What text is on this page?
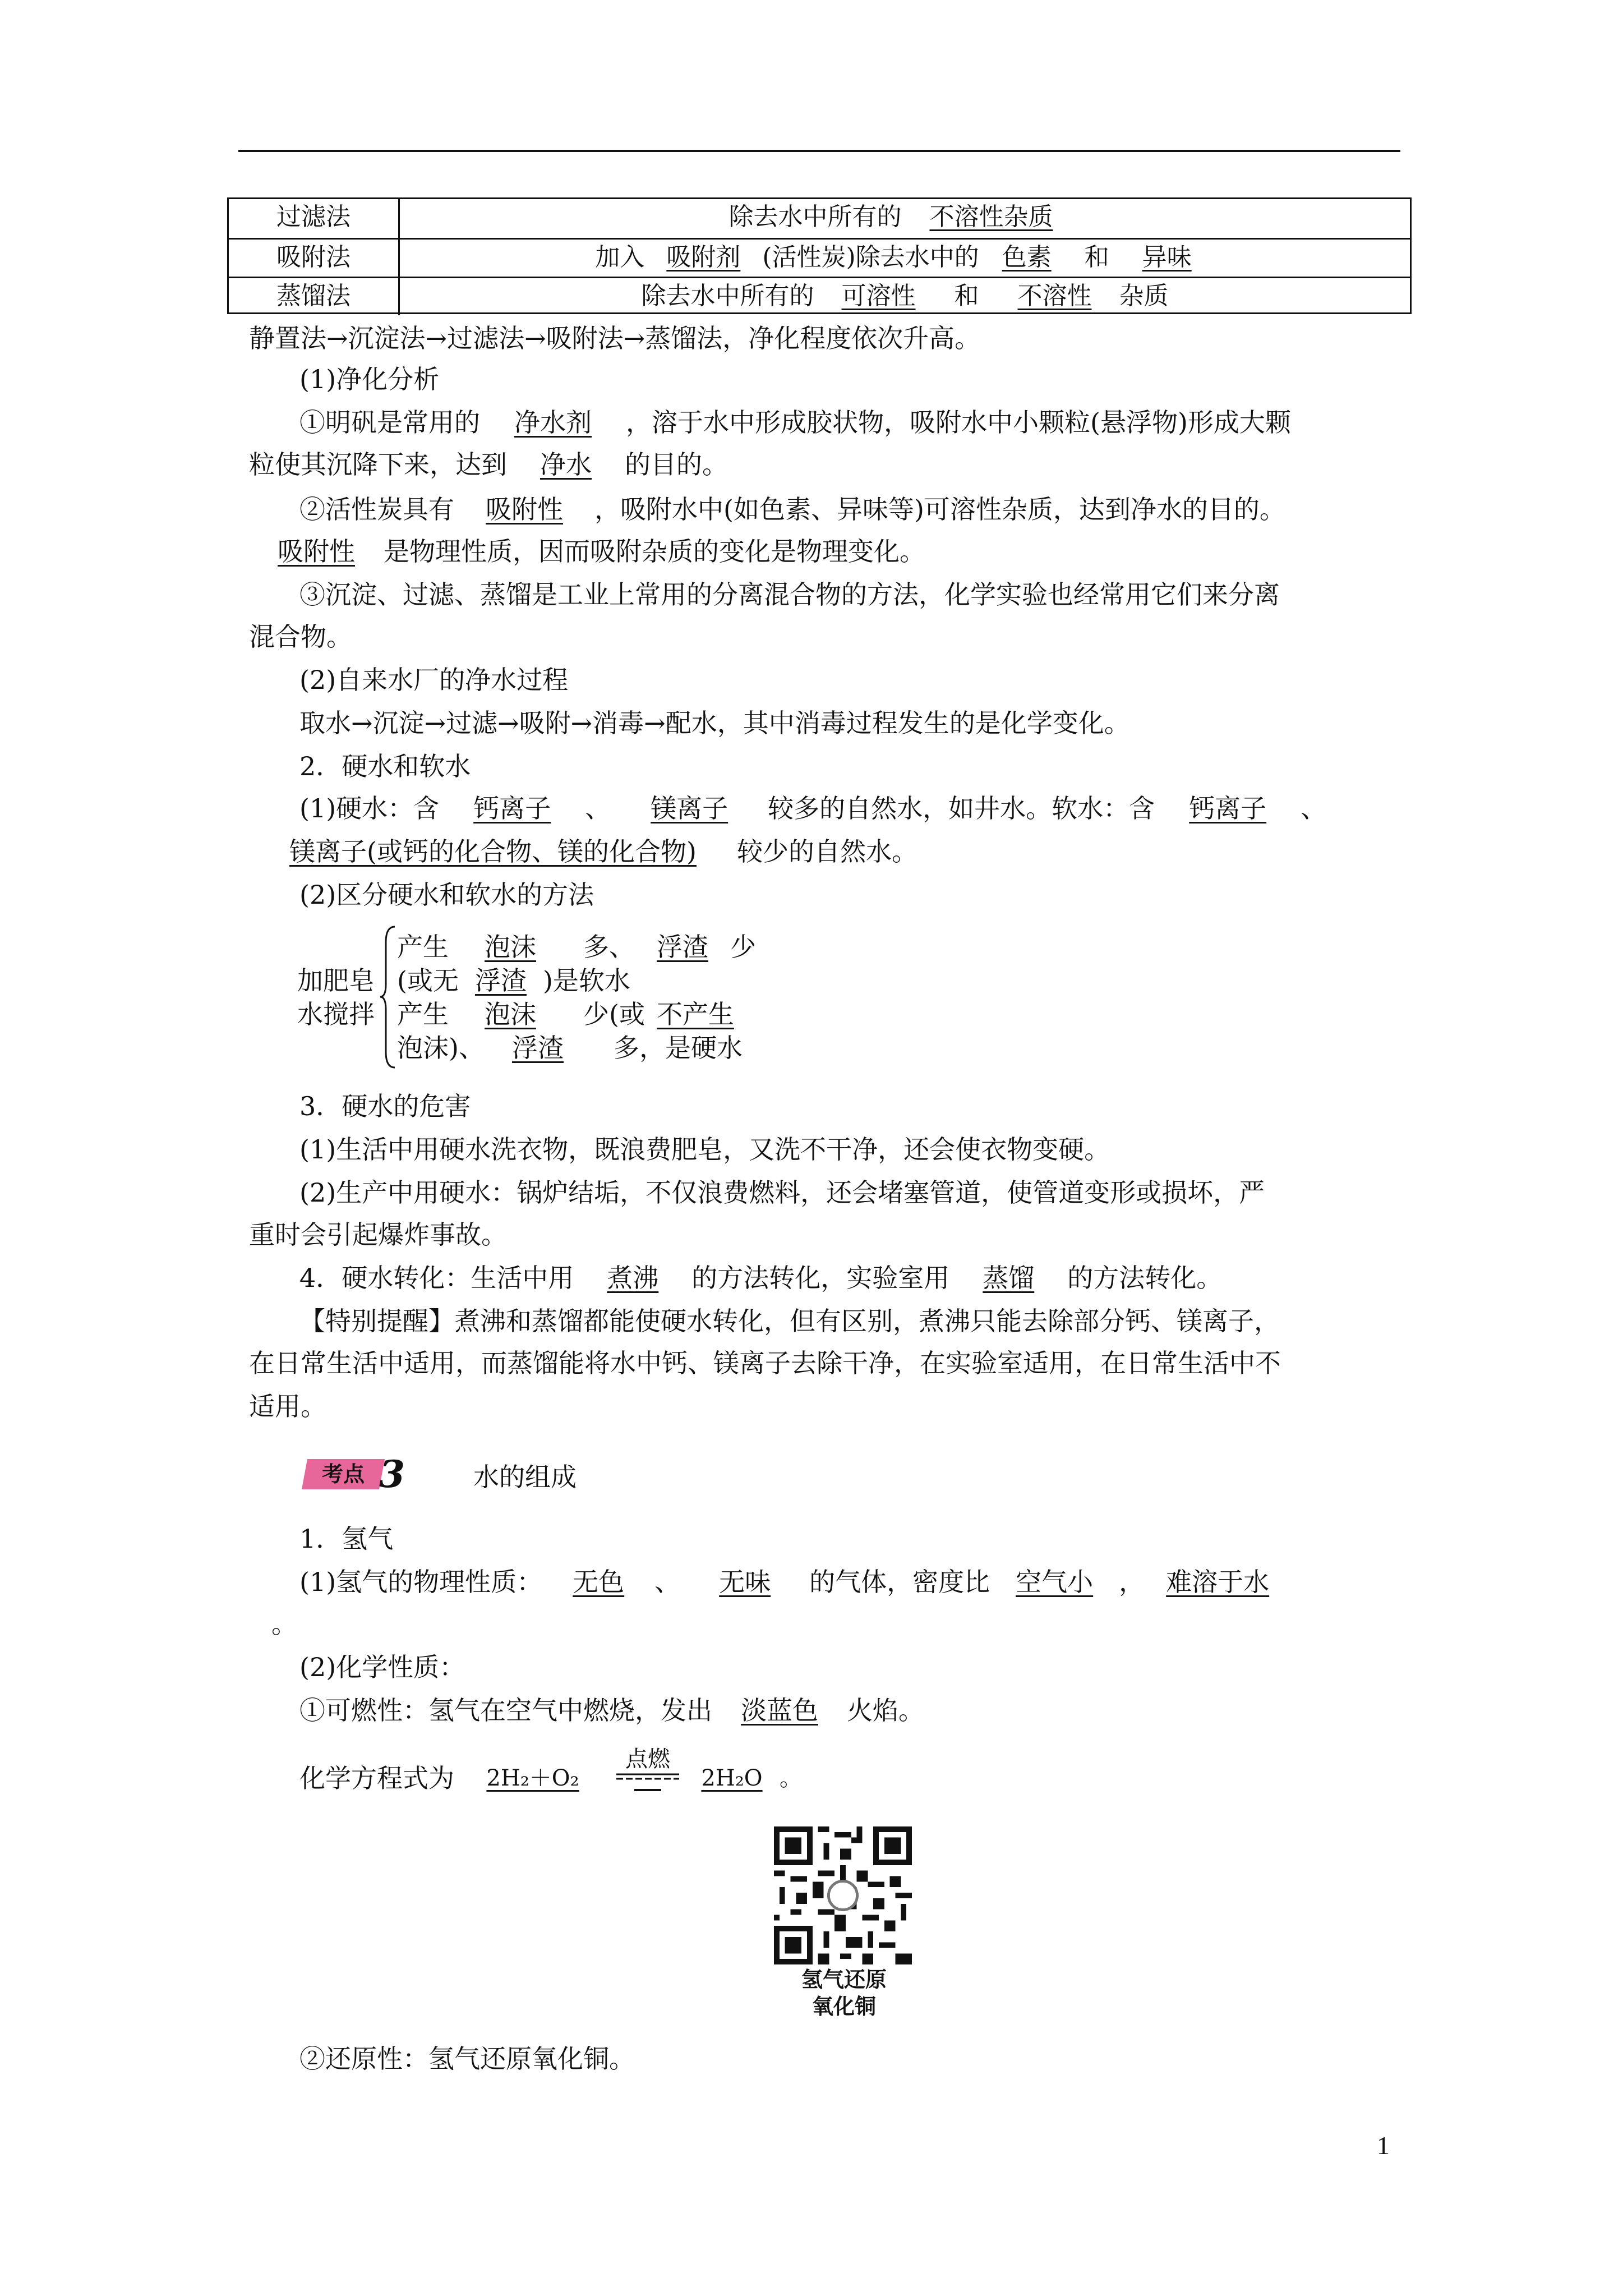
过滤法	除去水中所有的 不溶性杂质
吸附法	加入 吸附剂 (活性炭)除去水中的 色素 和 异味
蒸馏法	除去水中所有的 可溶性 和 不溶性 杂质
静置法→沉淀法→过滤法→吸附法→蒸馏法，净化程度依次升高。
(1)净化分析
①明矾是常用的 净水剂 ，溶于水中形成胶状物，吸附水中小颗粒(悬浮物)形成大颗
粒使其沉降下来，达到 净水 的目的。
②活性炭具有 吸附性 ，吸附水中(如色素、异味等)可溶性杂质，达到净水的目的。
吸附性 是物理性质，因而吸附杂质的变化是物理变化。
③沉淀、过滤、蒸馏是工业上常用的分离混合物的方法，化学实验也经常用它们来分离
混合物。
(2)自来水厂的净水过程
取水→沉淀→过滤→吸附→消毒→配水，其中消毒过程发生的是化学变化。
2．硬水和软水
(1)硬水：含 钙离子 、 镁离子 较多的自然水，如井水。软水：含 钙离子 、
镁离子(或钙的化合物、镁的化合物) 较少的自然水。
(2)区分硬水和软水的方法
加肥皂
水搅拌
产生 泡沫 多、 浮渣 少
(或无 浮渣 )是软水
产生 泡沫 少(或 不产生
泡沫)、 浮渣 多，是硬水
3．硬水的危害
(1)生活中用硬水洗衣物，既浪费肥皂，又洗不干净，还会使衣物变硬。
(2)生产中用硬水：锅炉结垢，不仅浪费燃料，还会堵塞管道，使管道变形或损坏，严
重时会引起爆炸事故。
4．硬水转化：生活中用 煮沸 的方法转化，实验室用 蒸馏 的方法转化。
【特别提醒】煮沸和蒸馏都能使硬水转化，但有区别，煮沸只能去除部分钙、镁离子，
在日常生活中适用，而蒸馏能将水中钙、镁离子去除干净，在实验室适用，在日常生活中不
适用。
考点 3	水的组成
1．氢气
(1)氢气的物理性质： 无色 、 无味 的气体，密度比 空气小 ， 难溶于水
。
(2)化学性质：
①可燃性：氢气在空气中燃烧，发出 淡蓝色 火焰。
化学方程式为	2H₂＋O₂
点燃
2H₂O 。
氢气还原
氧化铜
②还原性：氢气还原氧化铜。
1
